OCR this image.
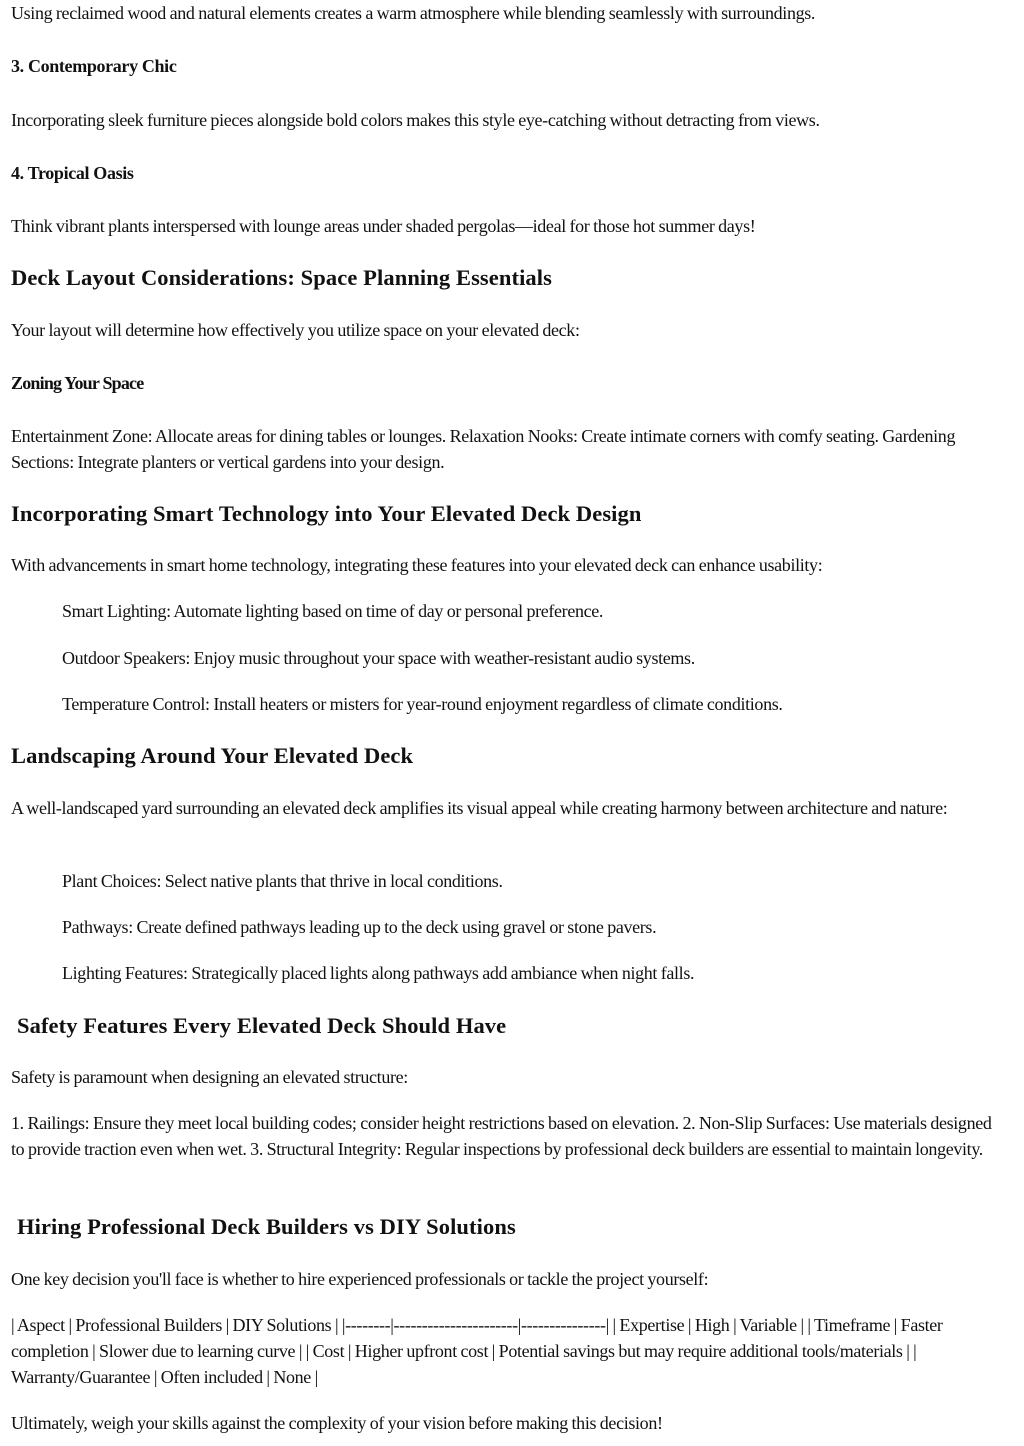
Using reclaimed wood and natural elements creates a warm atmosphere while blending seamlessly with surroundings.

3. Contemporary Chic

Incorporating sleek furniture pieces alongside bold colors makes this style eye-catching without detracting from views.

4. Tropical Oasis

Think vibrant plants interspersed with lounge areas under shaded pergolas—ideal for those hot summer days!

Deck Layout Considerations: Space Planning Essentials

Your layout will determine how effectively you utilize space on your elevated deck:

Zoning Your Space

Entertainment Zone: Allocate areas for dining tables or lounges. Relaxation Nooks: Create intimate corners with comfy seating. Gardening Sections: Integrate planters or vertical gardens into your design.

Incorporating Smart Technology into Your Elevated Deck Design

With advancements in smart home technology, integrating these features into your elevated deck can enhance usability:

Smart Lighting: Automate lighting based on time of day or personal preference.

Outdoor Speakers: Enjoy music throughout your space with weather-resistant audio systems.

Temperature Control: Install heaters or misters for year-round enjoyment regardless of climate conditions.

Landscaping Around Your Elevated Deck

A well-landscaped yard surrounding an elevated deck amplifies its visual appeal while creating harmony between architecture and nature:

Plant Choices: Select native plants that thrive in local conditions.

Pathways: Create defined pathways leading up to the deck using gravel or stone pavers.

Lighting Features: Strategically placed lights along pathways add ambiance when night falls.

Safety Features Every Elevated Deck Should Have

Safety is paramount when designing an elevated structure:

1. Railings: Ensure they meet local building codes; consider height restrictions based on elevation. 2. Non-Slip Surfaces: Use materials designed to provide traction even when wet. 3. Structural Integrity: Regular inspections by professional deck builders are essential to maintain longevity.

Hiring Professional Deck Builders vs DIY Solutions

One key decision you'll face is whether to hire experienced professionals or tackle the project yourself:

| Aspect | Professional Builders | DIY Solutions | |--------|----------------------|---------------| | Expertise | High | Variable | | Timeframe | Faster completion | Slower due to learning curve | | Cost | Higher upfront cost | Potential savings but may require additional tools/materials | | Warranty/Guarantee | Often included | None |

Ultimately, weigh your skills against the complexity of your vision before making this decision!
